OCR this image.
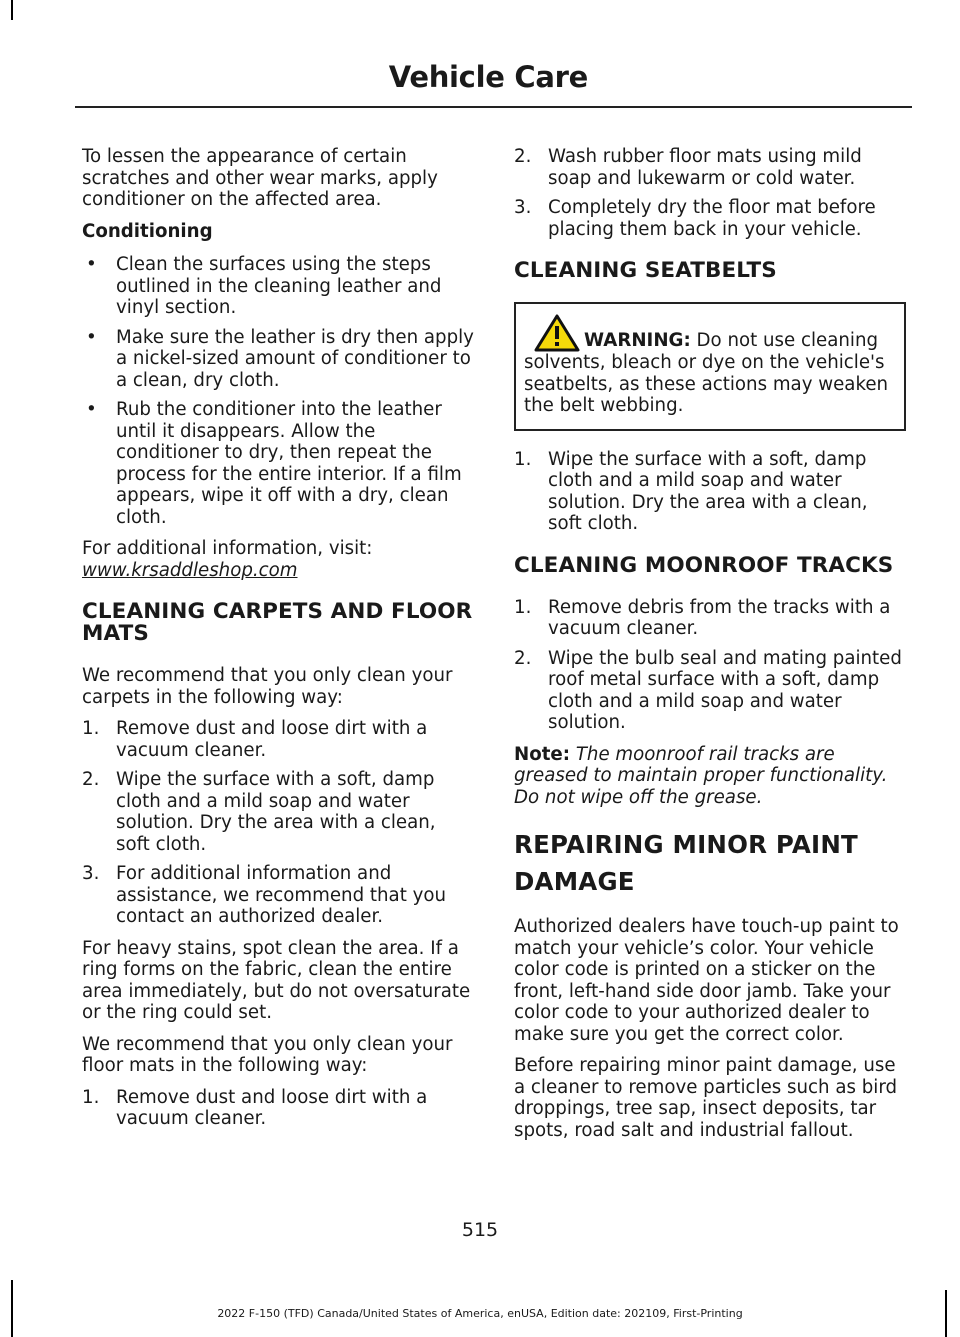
Vehicle Care

To lessen the appearance of certain scratches and other wear marks, apply conditioner on the affected area.

Conditioning

• Clean the surfaces using the steps outlined in the cleaning leather and vinyl section.
• Make sure the leather is dry then apply a nickel-sized amount of conditioner to a clean, dry cloth.
• Rub the conditioner into the leather until it disappears. Allow the conditioner to dry, then repeat the process for the entire interior. If a film appears, wipe it off with a dry, clean cloth.

For additional information, visit:

www.krsaddleshop.com

CLEANING CARPETS AND FLOOR MATS

We recommend that you only clean your carpets in the following way:

1. Remove dust and loose dirt with a vacuum cleaner.
2. Wipe the surface with a soft, damp cloth and a mild soap and water solution. Dry the area with a clean, soft cloth.
3. For additional information and assistance, we recommend that you contact an authorized dealer.

For heavy stains, spot clean the area. If a ring forms on the fabric, clean the entire area immediately, but do not oversaturate or the ring could set.

We recommend that you only clean your floor mats in the following way:

1. Remove dust and loose dirt with a vacuum cleaner.
2. Wash rubber floor mats using mild soap and lukewarm or cold water.
3. Completely dry the floor mat before placing them back in your vehicle.
CLEANING SEATBELTS
WARNING: Do not use cleaning solvents, bleach or dye on the vehicle's seatbelts, as these actions may weaken the belt webbing.
1. Wipe the surface with a soft, damp cloth and a mild soap and water solution. Dry the area with a clean, soft cloth.
CLEANING MOONROOF TRACKS
1. Remove debris from the tracks with a vacuum cleaner.
2. Wipe the bulb seal and mating painted roof metal surface with a soft, damp cloth and a mild soap and water solution.

Note: The moonroof rail tracks are greased to maintain proper functionality. Do not wipe off the grease.

REPAIRING MINOR PAINT
DAMAGE

Authorized dealers have touch-up paint to match your vehicle’s color. Your vehicle color code is printed on a sticker on the front, left-hand side door jamb. Take your color code to your authorized dealer to make sure you get the correct color.

Before repairing minor paint damage, use a cleaner to remove particles such as bird droppings, tree sap, insect deposits, tar spots, road salt and industrial fallout.

515
2022 F-150 (TFD) Canada/United States of America, enUSA, Edition date: 202109, First-Printing
